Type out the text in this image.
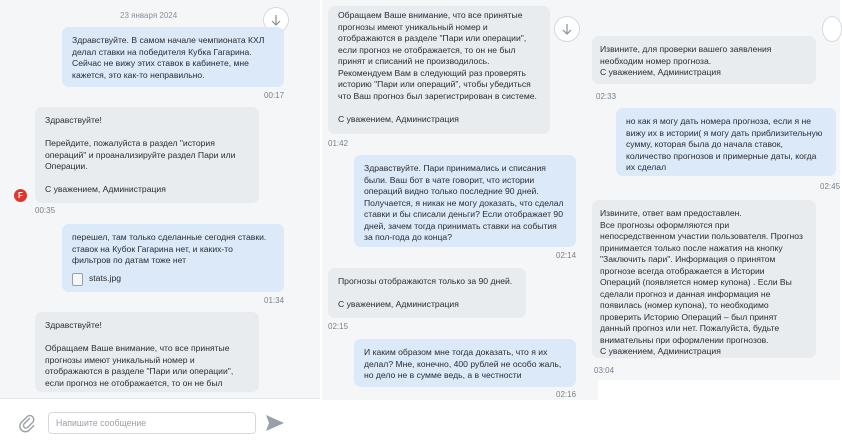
23 января 2024
Здравствуйте. В самом начале чемпионата КХЛ делал ставки на победителя Кубка Гагарина. Сейчас не вижу этих ставок в кабинете, мне кажется, это как-то неправильно.
00:17
Здравствуйте!

Перейдите, пожалуйста в раздел "история операций" и проанализируйте раздел Пари или Операции.

С уважением, Администрация
F
00:35
перешел, там только сделанные сегодня ставки. ставок на Кубок Гагарина нет, и каких-то фильтров по датам тоже нет
stats.jpg
01:34
Здравствуйте!

Обращаем Ваше внимание, что все принятые прогнозы имеют уникальный номер и отображаются в разделе "Пари или операции", если прогноз не отображается, то он не был
Напишите сообщение
Обращаем Ваше внимание, что все принятые прогнозы имеют уникальный номер и отображаются в разделе "Пари или операции", если прогноз не отображается, то он не был принят и списаний не производилось. Рекомендуем Вам в следующий раз проверять историю "Пари или операций", чтобы убедиться что Ваш прогноз был зарегистрирован в системе.

С уважением, Администрация
01:42
Здравствуйте. Пари принимались и списания были. Ваш бот в чате говорит, что истории операций видно только последние 90 дней. Получается, я никак не могу доказать, что сделал ставки и бы списали деньги? Если отображает 90 дней, зачем тогда принимать ставки на события за пол-года до конца?
02:14
Прогнозы отображаются только за 90 дней.

С уважением, Администрация
02:15
И каким образом мне тогда доказать, что я их делал? Мне, конечно, 400 рублей не особо жаль, но дело не в сумме ведь, а в честности
02:16
Извините, для проверки вашего заявления необходим номер прогноза.
С уважением, Администрация
02:33
но как я могу дать номера прогноза, если я не вижу их в истории( я могу дать приблизительную сумму, которая была до начала ставок, количество прогнозов и примерные даты, когда их сделал
02:45
Извините, ответ вам предоставлен.
Все прогнозы оформляются при непосредственном участии пользователя. Прогноз принимается только после нажатия на кнопку "Заключить пари". Информация о принятом прогнозе всегда отображается в Истории Операций (появляется номер купона) . Если Вы сделали прогноз и данная информация не появилась (номер купона), то необходимо проверить Историю Операций – был принят данный прогноз или нет. Пожалуйста, будьте внимательны при оформлении прогнозов.
С уважением, Администрация
03:04
